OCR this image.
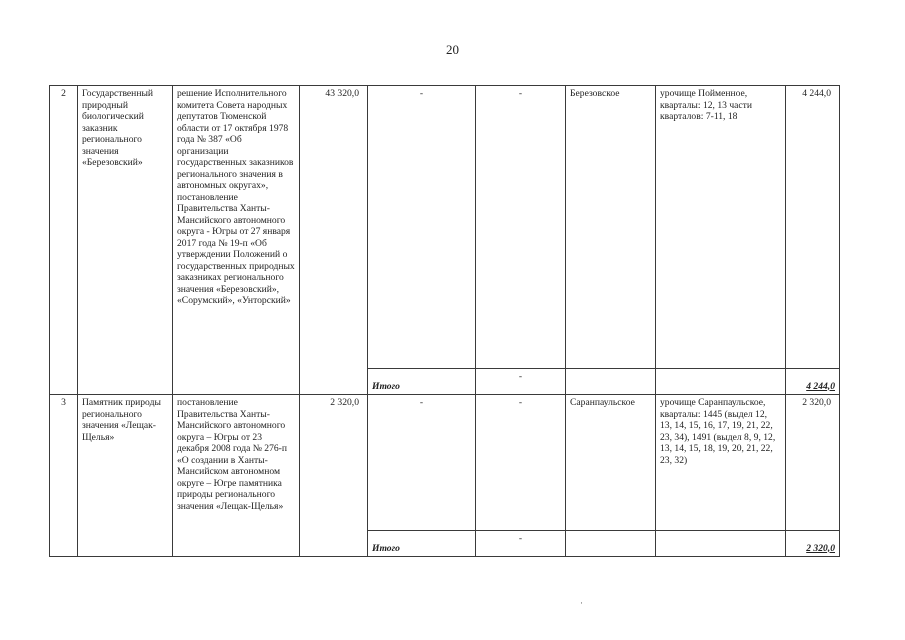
20
2	Государственный природный биологический заказник регионального значения «Березовский»	решение Исполнительного комитета Совета народных депутатов Тюменской области от 17 октября 1978 года № 387 «Об организации государственных заказников регионального значения в автономных округах», постановление Правительства Ханты-Мансийского автономного округа - Югры от 27 января 2017 года № 19-п «Об утверждении Положений о государственных природных заказниках регионального значения «Березовский», «Сорумский», «Унторский»	43 320,0	-	-	Березовское	урочище Пойменное, кварталы: 12, 13 части кварталов: 7-11, 18	4 244,0
				Итого	-			4 244,0
3	Памятник природы регионального значения «Лещак-Щелья»	постановление Правительства Ханты-Мансийского автономного округа – Югры от 23 декабря 2008 года № 276-п «О создании в Ханты-Мансийском автономном округе – Югре памятника природы регионального значения «Лещак-Щелья»	2 320,0	-	-	Саранпаульское	урочище Саранпаульское, кварталы: 1445 (выдел 12, 13, 14, 15, 16, 17, 19, 21, 22, 23, 34), 1491 (выдел 8, 9, 12, 13, 14, 15, 18, 19, 20, 21, 22, 23, 32)	2 320,0
				Итого	-			2 320,0
·
